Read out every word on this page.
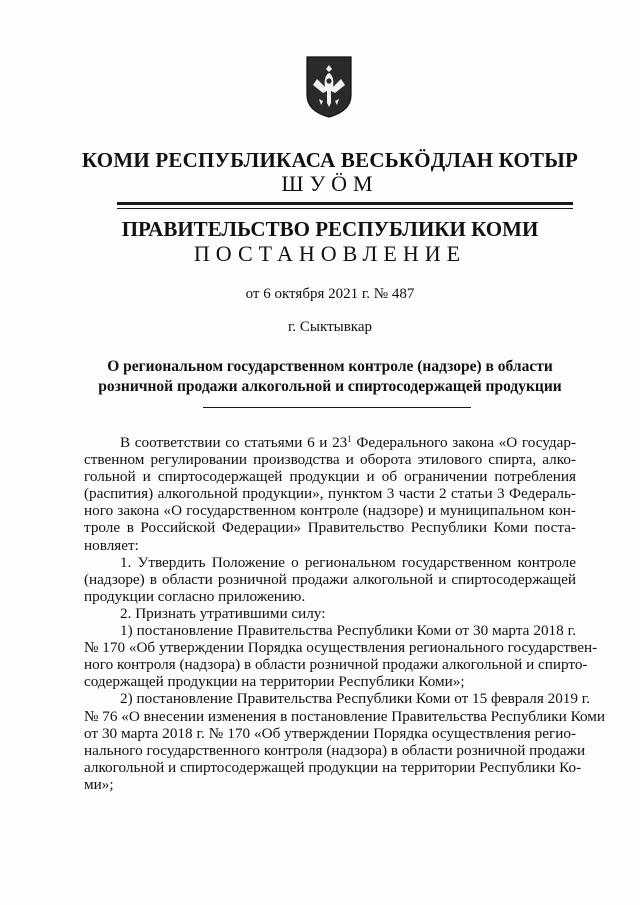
КОМИ РЕСПУБЛИКАСА ВЕСЬКÖДЛАН КОТЫР
ШУÖМ
ПРАВИТЕЛЬСТВО РЕСПУБЛИКИ КОМИ
ПОСТАНОВЛЕНИЕ
от 6 октября 2021 г. № 487
г. Сыктывкар
О региональном государственном контроле (надзоре) в области
розничной продажи алкогольной и спиртосодержащей продукции
В соответствии со статьями 6 и $23^1$ Федерального закона «О государ-
ственном регулировании производства и оборота этилового спирта, алко-
гольной и спиртосодержащей продукции и об ограничении потребления
(распития) алкогольной продукции», пунктом 3 части 2 статьи 3 Федераль-
ного закона «О государственном контроле (надзоре) и муниципальном кон-
троле в Российской Федерации» Правительство Республики Коми поста-
новляет:
1. Утвердить Положение о региональном государственном контроле
(надзоре) в области розничной продажи алкогольной и спиртосодержащей
продукции согласно приложению.
2. Признать утратившими силу:
1) постановление Правительства Республики Коми от 30 марта 2018 г.
№ 170 «Об утверждении Порядка осуществления регионального государствен-
ного контроля (надзора) в области розничной продажи алкогольной и спирто-
содержащей продукции на территории Республики Коми»;
2) постановление Правительства Республики Коми от 15 февраля 2019 г.
№ 76 «О внесении изменения в постановление Правительства Республики Коми
от 30 марта 2018 г. № 170 «Об утверждении Порядка осуществления регио-
нального государственного контроля (надзора) в области розничной продажи
алкогольной и спиртосодержащей продукции на территории Республики Ко-
ми»;
